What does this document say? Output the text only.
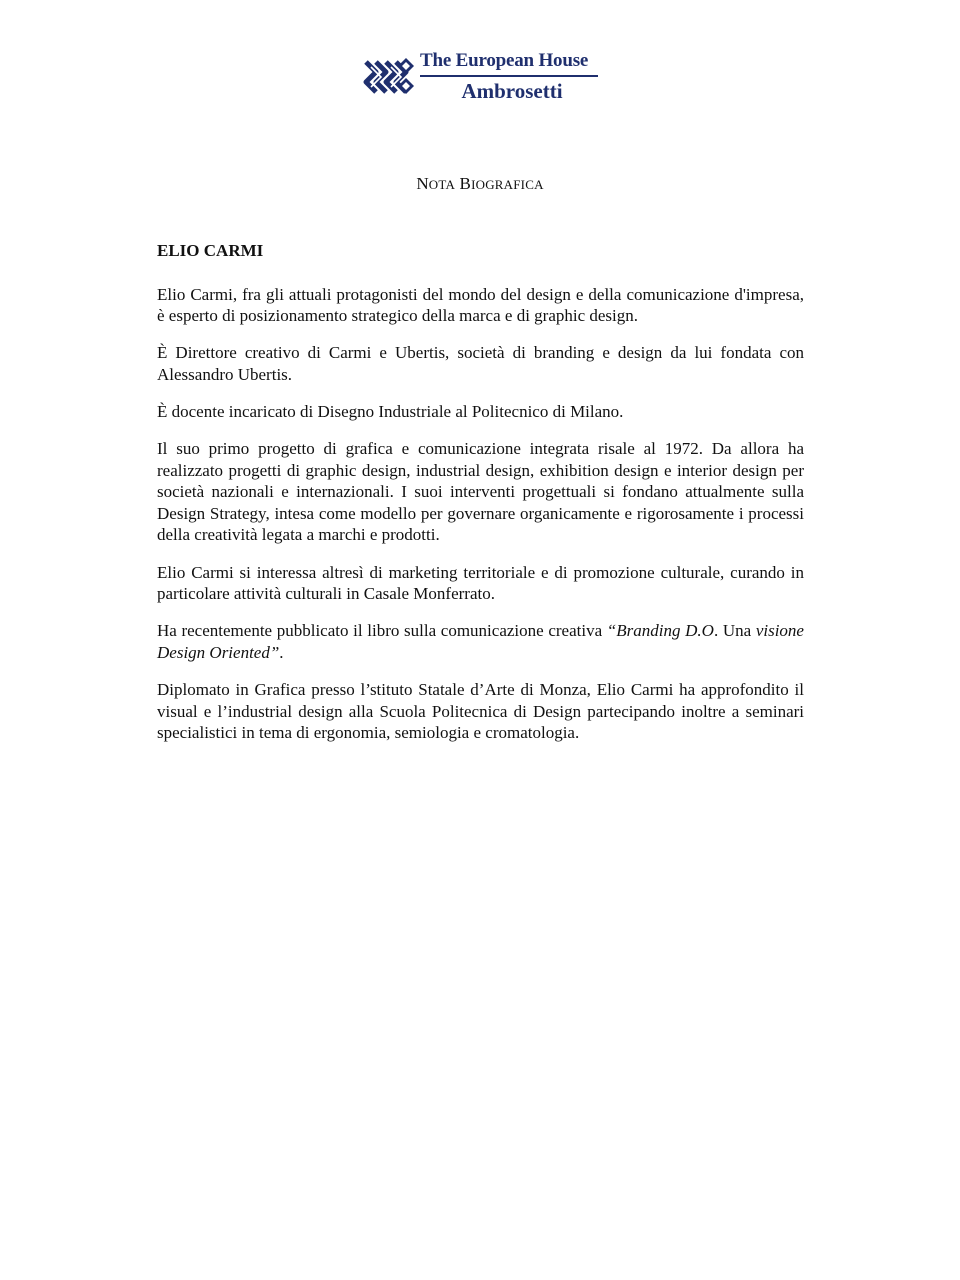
The European House
Ambrosetti
NOTA BIOGRAFICA
ELIO CARMI

Elio Carmi, fra gli attuali protagonisti del mondo del design e della comunicazione d'impresa, è esperto di posizionamento strategico della marca e di graphic design.

È Direttore creativo di Carmi e Ubertis, società di branding e design da lui fondata con Alessandro Ubertis.

È docente incaricato di Disegno Industriale al Politecnico di Milano.

Il suo primo progetto di grafica e comunicazione integrata risale al 1972. Da allora ha realizzato progetti di graphic design, industrial design, exhibition design e interior design per società nazionali e internazionali. I suoi interventi progettuali si fondano attualmente sulla Design Strategy, intesa come modello per governare organicamente e rigorosamente i processi della creatività legata a marchi e prodotti.

Elio Carmi si interessa altresì di marketing territoriale e di promozione culturale, curando in particolare attività culturali in Casale Monferrato.

Ha recentemente pubblicato il libro sulla comunicazione creativa “Branding D.O. Una visione Design Oriented”.

Diplomato in Grafica presso l’stituto Statale d’Arte di Monza, Elio Carmi ha approfondito il visual e l’industrial design alla Scuola Politecnica di Design partecipando inoltre a seminari specialistici in tema di ergonomia, semiologia e cromatologia.
